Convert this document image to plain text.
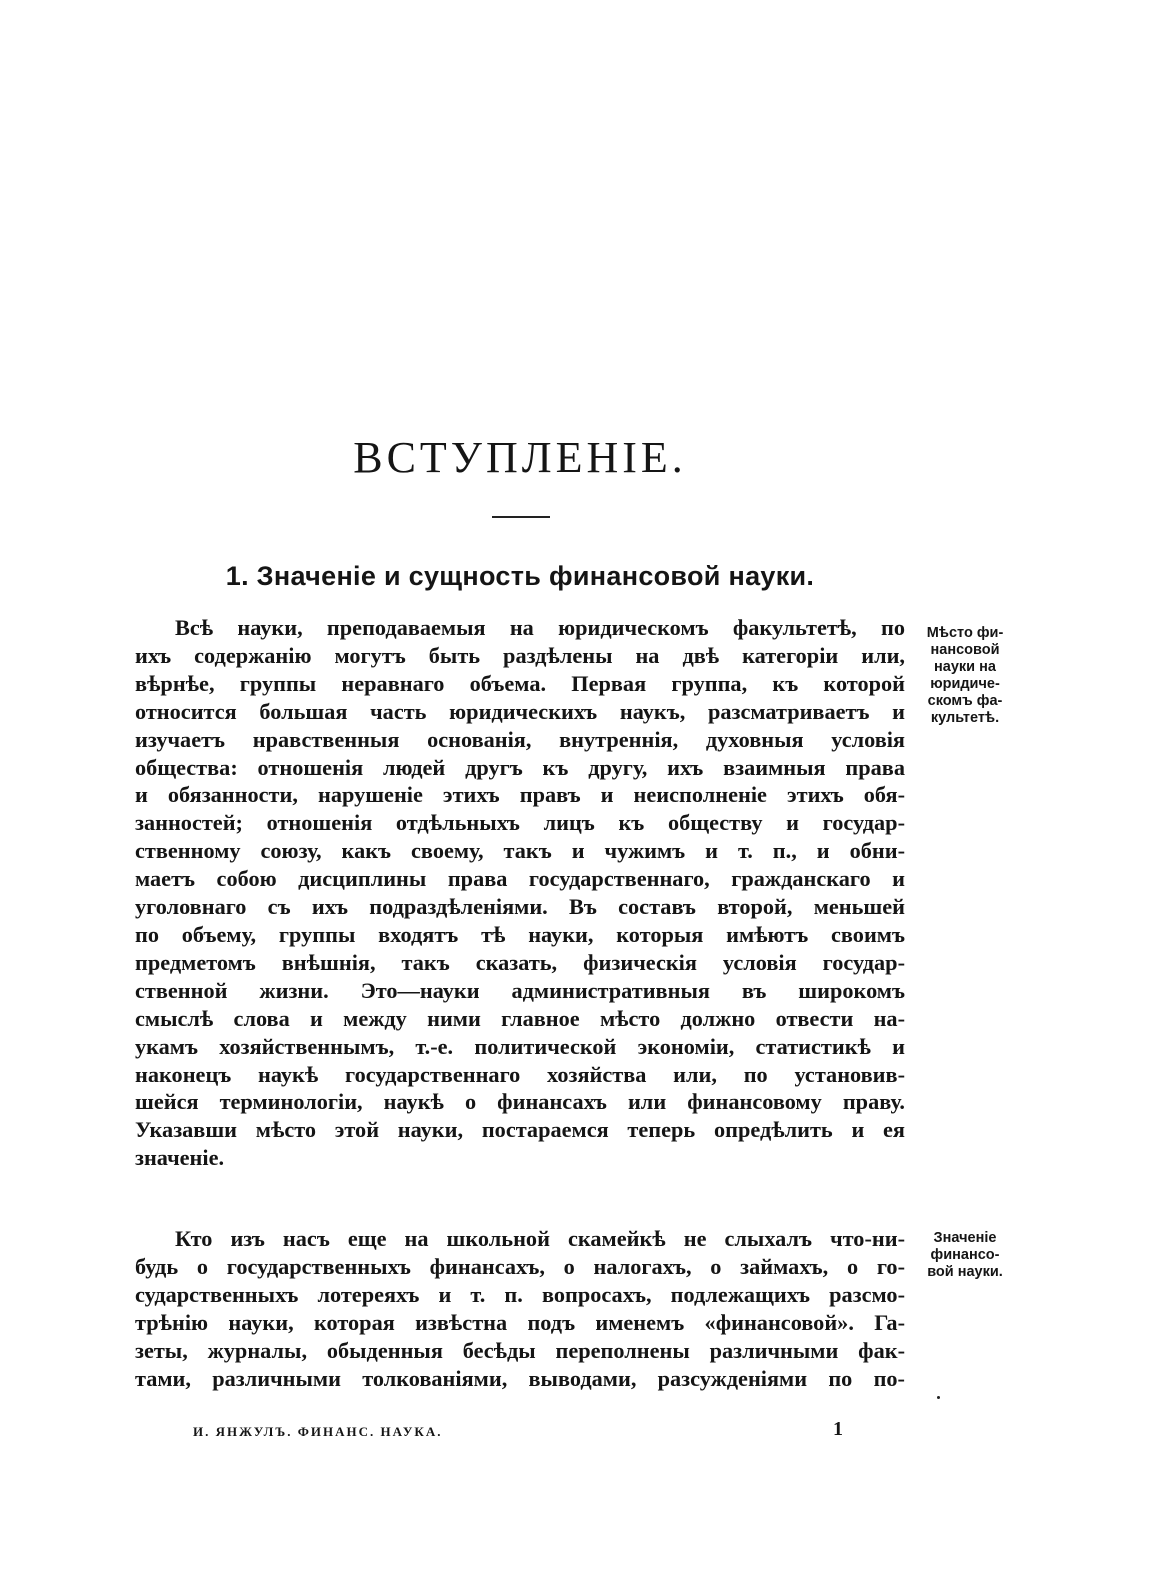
ВСТУПЛЕНІЕ.
1. Значеніе и сущность финансовой науки.
Всѣ науки, преподаваемыя на юридическомъ факультетѣ, по
ихъ содержанію могутъ быть раздѣлены на двѣ категоріи или,
вѣрнѣе, группы неравнаго объема. Первая группа, къ которой
относится большая часть юридическихъ наукъ, разсматриваетъ и
изучаетъ нравственныя основанія, внутреннія, духовныя условія
общества: отношенія людей другъ къ другу, ихъ взаимныя права
и обязанности, нарушеніе этихъ правъ и неисполненіе этихъ обя-
занностей; отношенія отдѣльныхъ лицъ къ обществу и государ-
ственному союзу, какъ своему, такъ и чужимъ и т. п., и обни-
маетъ собою дисциплины права государственнаго, гражданскаго и
уголовнаго съ ихъ подраздѣленіями. Въ составъ второй, меньшей
по объему, группы входятъ тѣ науки, которыя имѣютъ своимъ
предметомъ внѣшнія, такъ сказать, физическія условія государ-
ственной жизни. Это—науки административныя въ широкомъ
смыслѣ слова и между ними главное мѣсто должно отвести на-
укамъ хозяйственнымъ, т.-е. политической экономіи, статистикѣ и
наконецъ наукѣ государственнаго хозяйства или, по установив-
шейся терминологіи, наукѣ о финансахъ или финансовому праву.
Указавши мѣсто этой науки, постараемся теперь опредѣлить и ея
значеніе.
Кто изъ насъ еще на школьной скамейкѣ не слыхалъ что-ни-
будь о государственныхъ финансахъ, о налогахъ, о займахъ, о го-
сударственныхъ лотереяхъ и т. п. вопросахъ, подлежащихъ разсмо-
трѣнію науки, которая извѣстна подъ именемъ «финансовой». Га-
зеты, журналы, обыденныя бесѣды переполнены различными фак-
тами, различными толкованіями, выводами, разсужденіями по по-
Мѣсто фи-
нансовой
науки на
юридиче-
скомъ фа-
культетѣ.
Значеніе
финансо-
вой науки.
И. ЯНЖУЛЪ. ФИНАНС. НАУКА.	1
